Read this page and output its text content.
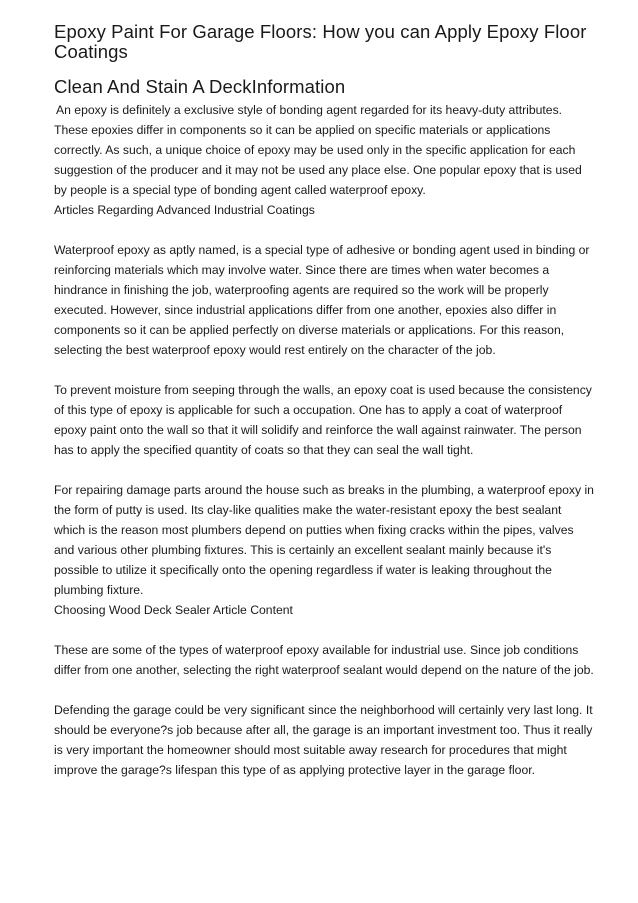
Epoxy Paint For Garage Floors: How you can Apply Epoxy Floor Coatings
Clean And Stain A DeckInformation

An epoxy is definitely a exclusive style of bonding agent regarded for its heavy-duty attributes. These epoxies differ in components so it can be applied on specific materials or applications correctly. As such, a unique choice of epoxy may be used only in the specific application for each suggestion of the producer and it may not be used any place else. One popular epoxy that is used by people is a special type of bonding agent called waterproof epoxy.

Articles Regarding Advanced Industrial Coatings

Waterproof epoxy as aptly named, is a special type of adhesive or bonding agent used in binding or reinforcing materials which may involve water. Since there are times when water becomes a hindrance in finishing the job, waterproofing agents are required so the work will be properly executed. However, since industrial applications differ from one another, epoxies also differ in components so it can be applied perfectly on diverse materials or applications. For this reason, selecting the best waterproof epoxy would rest entirely on the character of the job.

To prevent moisture from seeping through the walls, an epoxy coat is used because the consistency of this type of epoxy is applicable for such a occupation. One has to apply a coat of waterproof epoxy paint onto the wall so that it will solidify and reinforce the wall against rainwater. The person has to apply the specified quantity of coats so that they can seal the wall tight.

For repairing damage parts around the house such as breaks in the plumbing, a waterproof epoxy in the form of putty is used. Its clay-like qualities make the water-resistant epoxy the best sealant which is the reason most plumbers depend on putties when fixing cracks within the pipes, valves and various other plumbing fixtures. This is certainly an excellent sealant mainly because it's possible to utilize it specifically onto the opening regardless if water is leaking throughout the plumbing fixture.

Choosing Wood Deck Sealer Article Content

These are some of the types of waterproof epoxy available for industrial use. Since job conditions differ from one another, selecting the right waterproof sealant would depend on the nature of the job.

Defending the garage could be very significant since the neighborhood will certainly very last long. It should be everyone?s job because after all, the garage is an important investment too. Thus it really is very important the homeowner should most suitable away research for procedures that might improve the garage?s lifespan this type of as applying protective layer in the garage floor.
